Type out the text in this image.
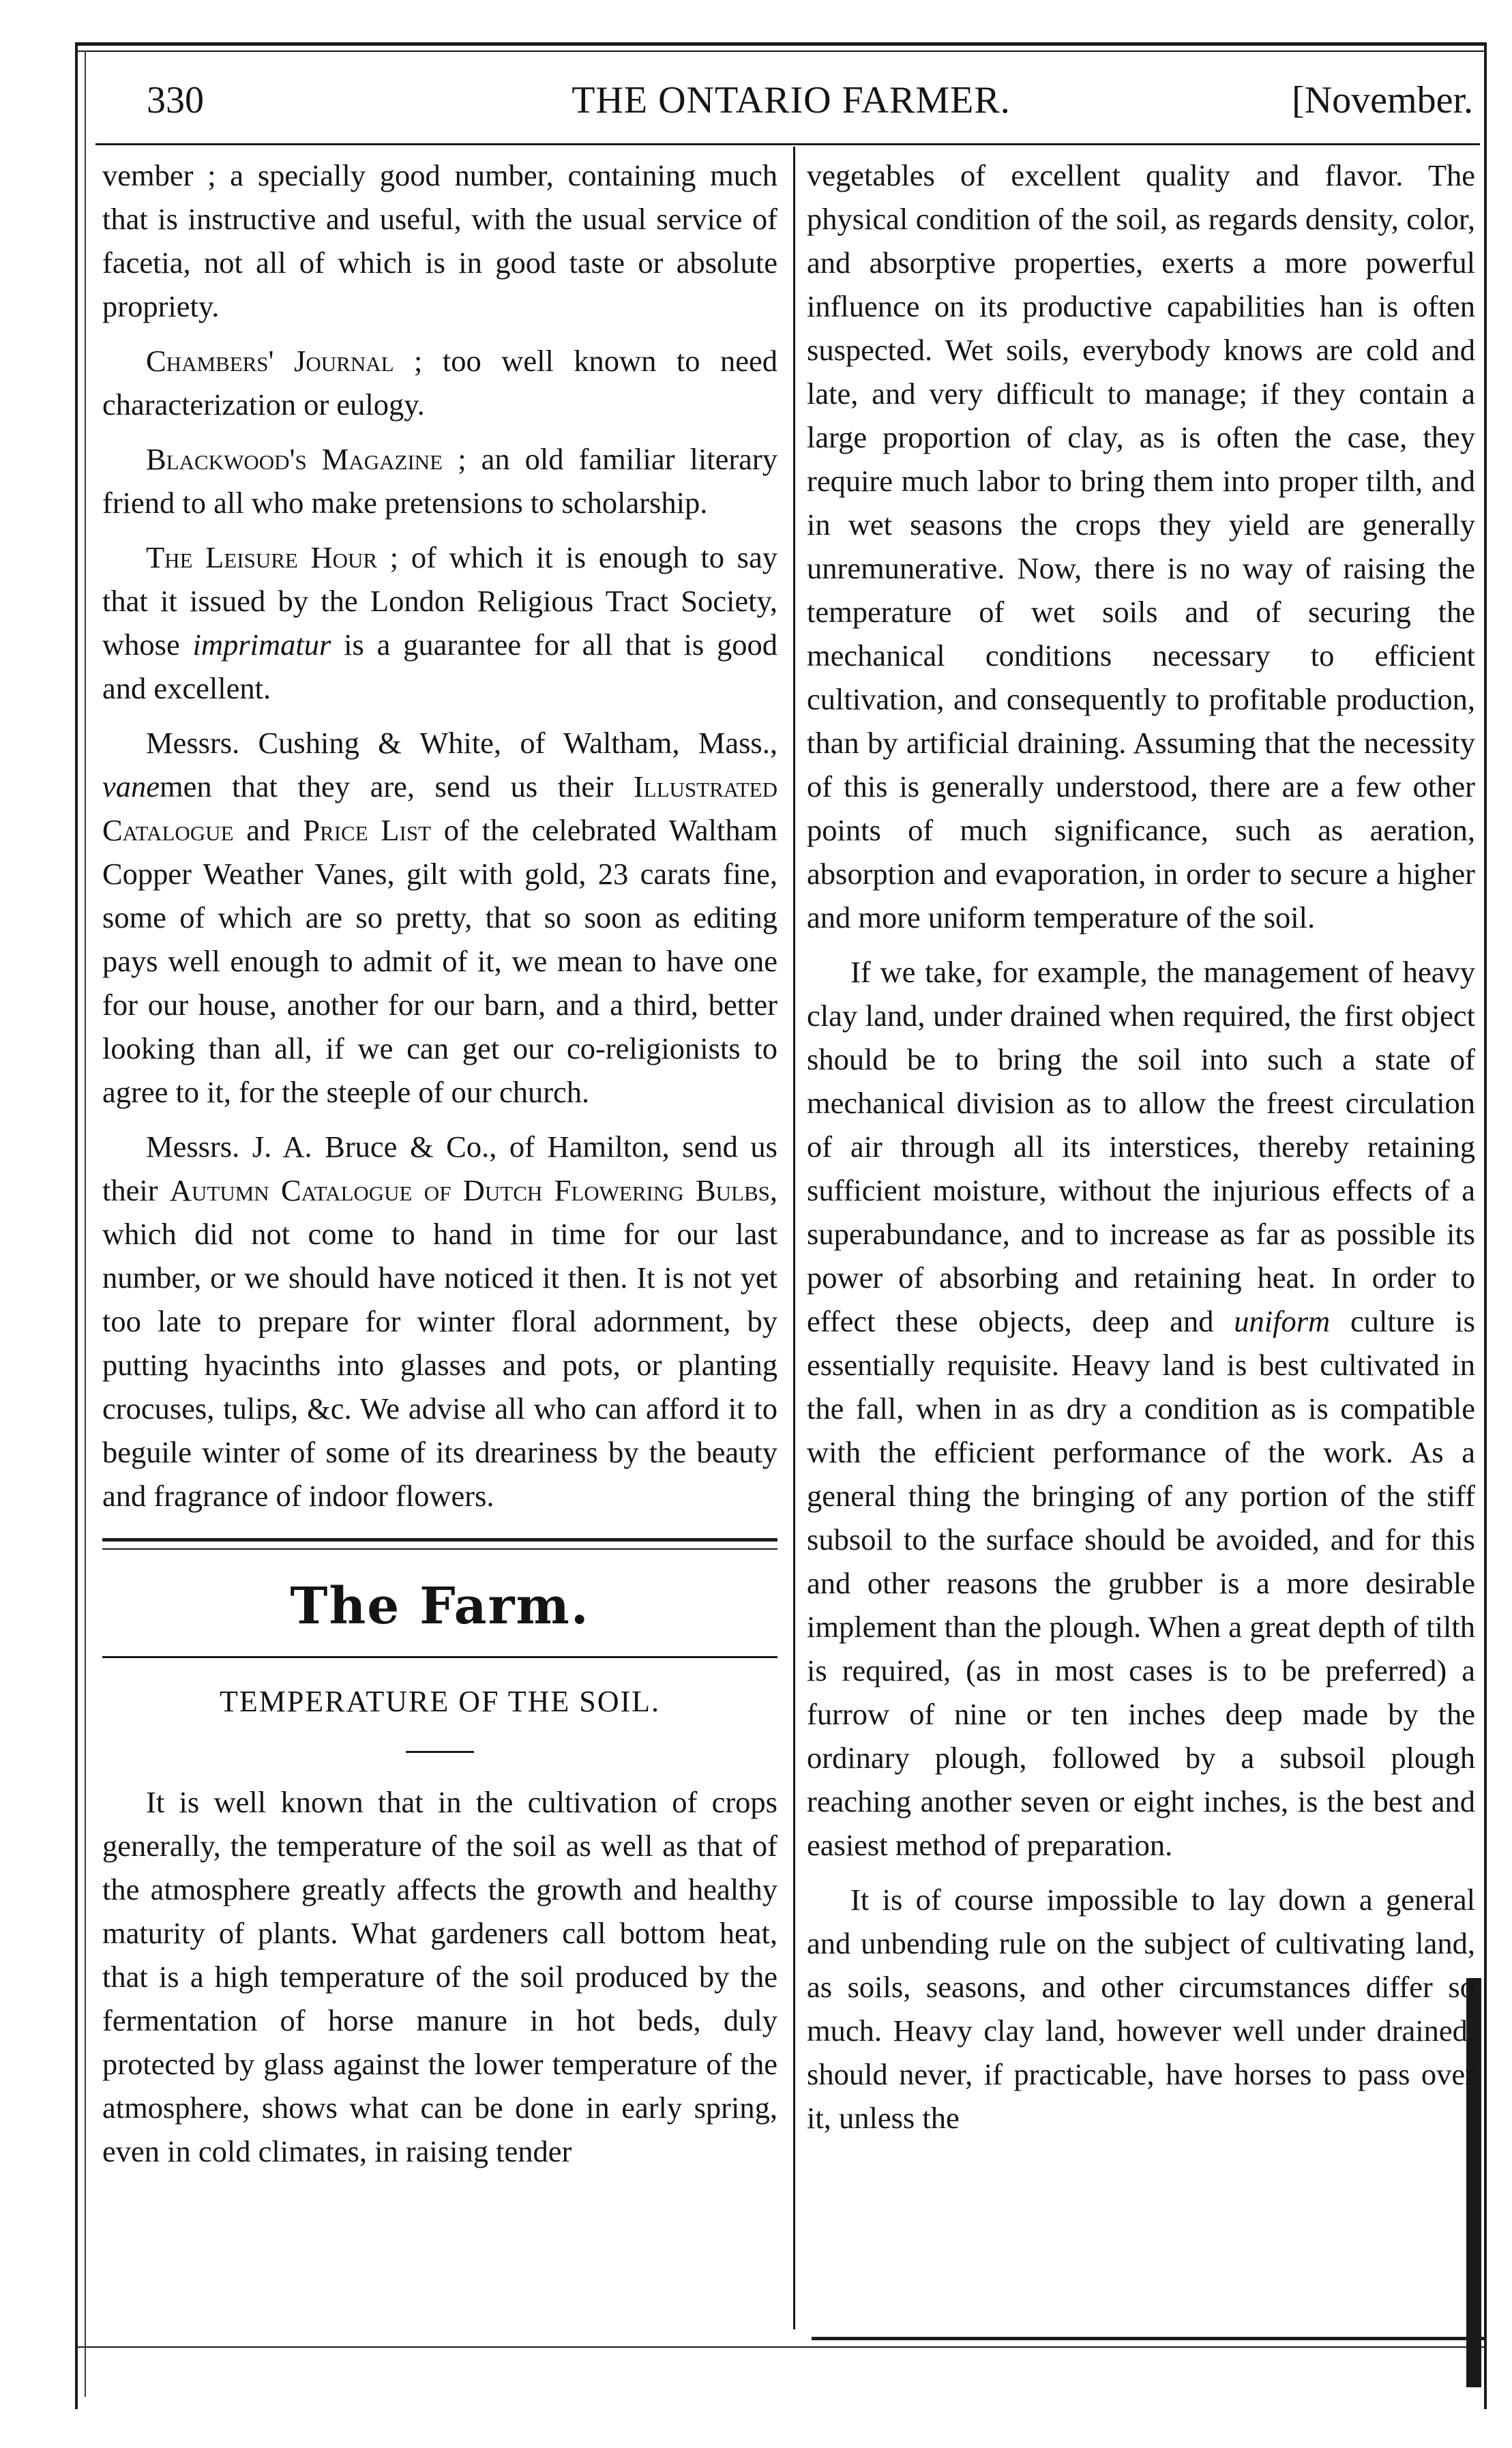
THE ONTARIO FARMER.
330	[November.

vember ; a specially good number, containing much that is instructive and useful, with the usual service of facetia, not all of which is in good taste or absolute propriety.

Chambers' Journal ; too well known to need characterization or eulogy.

Blackwood's Magazine ; an old familiar literary friend to all who make pretensions to scholarship.

The Leisure Hour ; of which it is enough to say that it issued by the London Religious Tract Society, whose imprimatur is a guarantee for all that is good and excellent.

Messrs. Cushing & White, of Waltham, Mass., vanemen that they are, send us their Illustrated Catalogue and Price List of the celebrated Waltham Copper Weather Vanes, gilt with gold, 23 carats fine, some of which are so pretty, that so soon as editing pays well enough to admit of it, we mean to have one for our house, another for our barn, and a third, better looking than all, if we can get our co-religionists to agree to it, for the steeple of our church.

Messrs. J. A. Bruce & Co., of Hamilton, send us their Autumn Catalogue of Dutch Flowering Bulbs, which did not come to hand in time for our last number, or we should have noticed it then. It is not yet too late to prepare for winter floral adornment, by putting hyacinths into glasses and pots, or planting crocuses, tulips, &c. We advise all who can afford it to beguile winter of some of its dreariness by the beauty and fragrance of indoor flowers.

The Farm.
TEMPERATURE OF THE SOIL.

It is well known that in the cultivation of crops generally, the temperature of the soil as well as that of the atmosphere greatly affects the growth and healthy maturity of plants. What gardeners call bottom heat, that is a high temperature of the soil produced by the fermentation of horse manure in hot beds, duly protected by glass against the lower temperature of the atmosphere, shows what can be done in early spring, even in cold climates, in raising tender

vegetables of excellent quality and flavor. The physical condition of the soil, as regards density, color, and absorptive properties, exerts a more powerful influence on its productive capabilities han is often suspected. Wet soils, everybody knows are cold and late, and very difficult to manage; if they contain a large proportion of clay, as is often the case, they require much labor to bring them into proper tilth, and in wet seasons the crops they yield are generally unremunerative. Now, there is no way of raising the temperature of wet soils and of securing the mechanical conditions necessary to efficient cultivation, and consequently to profitable production, than by artificial draining. Assuming that the necessity of this is generally understood, there are a few other points of much significance, such as aeration, absorption and evaporation, in order to secure a higher and more uniform temperature of the soil.

If we take, for example, the management of heavy clay land, under drained when required, the first object should be to bring the soil into such a state of mechanical division as to allow the freest circulation of air through all its interstices, thereby retaining sufficient moisture, without the injurious effects of a superabundance, and to increase as far as possible its power of absorbing and retaining heat. In order to effect these objects, deep and uniform culture is essentially requisite. Heavy land is best cultivated in the fall, when in as dry a condition as is compatible with the efficient performance of the work. As a general thing the bringing of any portion of the stiff subsoil to the surface should be avoided, and for this and other reasons the grubber is a more desirable implement than the plough. When a great depth of tilth is required, (as in most cases is to be preferred) a furrow of nine or ten inches deep made by the ordinary plough, followed by a subsoil plough reaching another seven or eight inches, is the best and easiest method of preparation.

It is of course impossible to lay down a general and unbending rule on the subject of cultivating land, as soils, seasons, and other circumstances differ so much. Heavy clay land, however well under drained, should never, if practicable, have horses to pass over it, unless the
